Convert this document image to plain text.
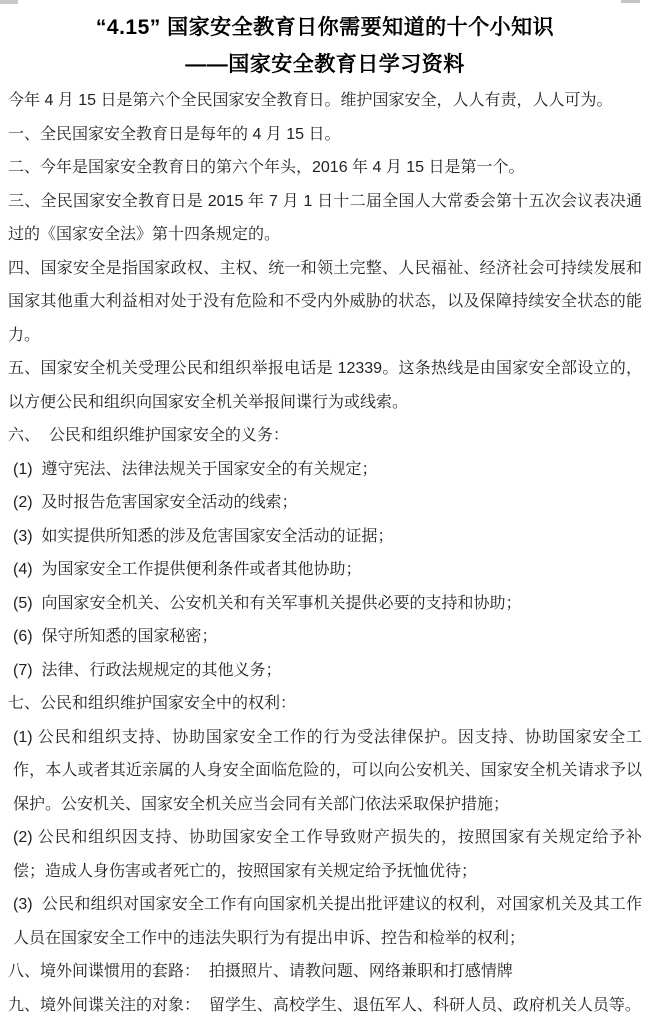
“4.15” 国家安全教育日你需要知道的十个小知识
——国家安全教育日学习资料

今年 4 月 15 日是第六个全民国家安全教育日。维护国家安全，人人有责，人人可为。

一、全民国家安全教育日是每年的 4 月 15 日。

二、今年是国家安全教育日的第六个年头，2016 年 4 月 15 日是第一个。

三、全民国家安全教育日是 2015 年 7 月 1 日十二届全国人大常委会第十五次会议表决通过的《国家安全法》第十四条规定的。

四、国家安全是指国家政权、主权、统一和领土完整、人民福祉、经济社会可持续发展和国家其他重大利益相对处于没有危险和不受内外威胁的状态，以及保障持续安全状态的能力。

五、国家安全机关受理公民和组织举报电话是 12339。这条热线是由国家安全部设立的，以方便公民和组织向国家安全机关举报间谍行为或线索。

六、  公民和组织维护国家安全的义务：

(1)  遵守宪法、法律法规关于国家安全的有关规定；

(2)  及时报告危害国家安全活动的线索；

(3)  如实提供所知悉的涉及危害国家安全活动的证据；

(4)  为国家安全工作提供便利条件或者其他协助；

(5)  向国家安全机关、公安机关和有关军事机关提供必要的支持和协助；

(6)  保守所知悉的国家秘密；

(7)  法律、行政法规规定的其他义务；

七、公民和组织维护国家安全中的权利：

(1) 公民和组织支持、协助国家安全工作的行为受法律保护。因支持、协助国家安全工作，本人或者其近亲属的人身安全面临危险的，可以向公安机关、国家安全机关请求予以保护。公安机关、国家安全机关应当会同有关部门依法采取保护措施；

(2) 公民和组织因支持、协助国家安全工作导致财产损失的，按照国家有关规定给予补偿；造成人身伤害或者死亡的，按照国家有关规定给予抚恤优待；

(3)  公民和组织对国家安全工作有向国家机关提出批评建议的权利，对国家机关及其工作人员在国家安全工作中的违法失职行为有提出申诉、控告和检举的权利；

八、境外间谍惯用的套路：  拍摄照片、请教问题、网络兼职和打感情牌

九、境外间谍关注的对象：  留学生、高校学生、退伍军人、科研人员、政府机关人员等。
